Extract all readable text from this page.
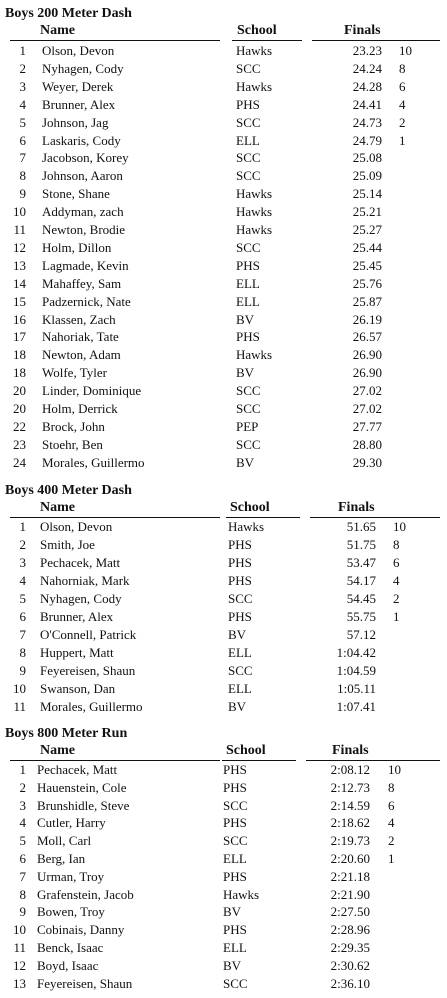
Boys 200 Meter Dash
Name	School	Finals
1 Olson, Devon	Hawks	23.23 10
2 Nyhagen, Cody	SCC	24.24 8
3 Weyer, Derek	Hawks	24.28 6
4 Brunner, Alex	PHS	24.41 4
5 Johnson, Jag	SCC	24.73 2
6 Laskaris, Cody	ELL	24.79 1
7 Jacobson, Korey	SCC	25.08
8 Johnson, Aaron	SCC	25.09
9 Stone, Shane	Hawks	25.14
10 Addyman, zach	Hawks	25.21
11 Newton, Brodie	Hawks	25.27
12 Holm, Dillon	SCC	25.44
13 Lagmade, Kevin	PHS	25.45
14 Mahaffey, Sam	ELL	25.76
15 Padzernick, Nate	ELL	25.87
16 Klassen, Zach	BV	26.19
17 Nahoriak, Tate	PHS	26.57
18 Newton, Adam	Hawks	26.90
18 Wolfe, Tyler	BV	26.90
20 Linder, Dominique	SCC	27.02
20 Holm, Derrick	SCC	27.02
22 Brock, John	PEP	27.77
23 Stoehr, Ben	SCC	28.80
24 Morales, Guillermo	BV	29.30
Boys 400 Meter Dash
Name	School	Finals
1 Olson, Devon	Hawks	51.65 10
2 Smith, Joe	PHS	51.75 8
3 Pechacek, Matt	PHS	53.47 6
4 Nahorniak, Mark	PHS	54.17 4
5 Nyhagen, Cody	SCC	54.45 2
6 Brunner, Alex	PHS	55.75 1
7 O'Connell, Patrick	BV	57.12
8 Huppert, Matt	ELL	1:04.42
9 Feyereisen, Shaun	SCC	1:04.59
10 Swanson, Dan	ELL	1:05.11
11 Morales, Guillermo	BV	1:07.41
Boys 800 Meter Run
Name	School	Finals
1 Pechacek, Matt	PHS	2:08.12 10
2 Hauenstein, Cole	PHS	2:12.73 8
3 Brunshidle, Steve	SCC	2:14.59 6
4 Cutler, Harry	PHS	2:18.62 4
5 Moll, Carl	SCC	2:19.73 2
6 Berg, Ian	ELL	2:20.60 1
7 Urman, Troy	PHS	2:21.18
8 Grafenstein, Jacob	Hawks	2:21.90
9 Bowen, Troy	BV	2:27.50
10 Cobinais, Danny	PHS	2:28.96
11 Benck, Isaac	ELL	2:29.35
12 Boyd, Isaac	BV	2:30.62
13 Feyereisen, Shaun	SCC	2:36.10
